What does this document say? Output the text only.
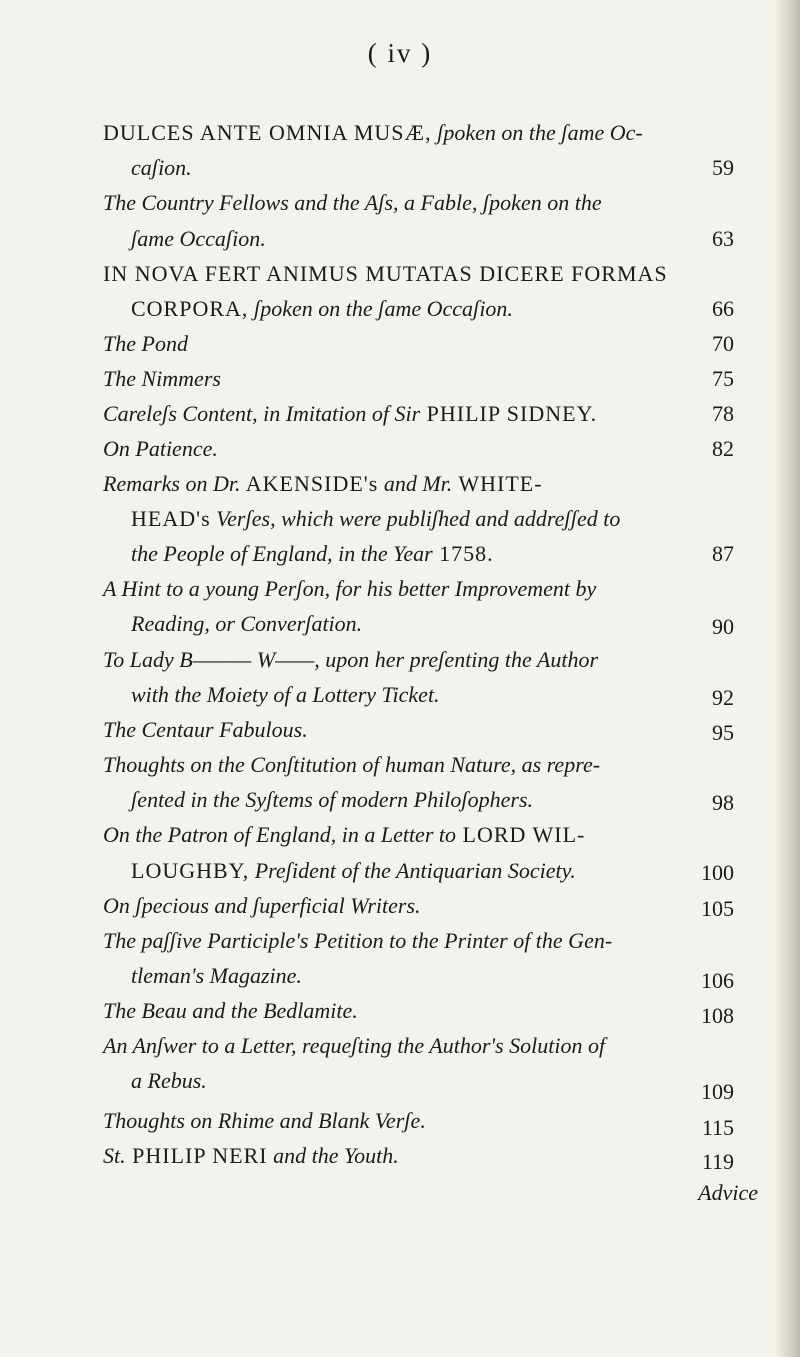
( iv )
DULCES ANTE OMNIA MUSÆ, ʃpoken on the ʃame Oc-
caʃion.	59
The Country Fellows and the Aʃs, a Fable, ʃpoken on the
ʃame Occaʃion.	63
IN NOVA FERT ANIMUS MUTATAS DICERE FORMAS
CORPORA, ʃpoken on the ʃame Occaʃion.	66
The Pond	70
The Nimmers	75
Careleʃs Content, in Imitation of Sir PHILIP SIDNEY.	78
On Patience.	82
Remarks on Dr. AKENSIDE's and Mr. WHITE-
HEAD's Verʃes, which were publiʃhed and addreʃʃed to
the People of England, in the Year 1758.	87
A Hint to a young Perʃon, for his better Improvement by
Reading, or Converʃation.	90
To Lady B——— W——, upon her preʃenting the Author
with the Moiety of a Lottery Ticket.	92
The Centaur Fabulous.	95
Thoughts on the Conʃtitution of human Nature, as repre-
ʃented in the Syʃtems of modern Philoʃophers.	98
On the Patron of England, in a Letter to LORD WIL-
LOUGHBY, Preʃident of the Antiquarian Society.	100
On ʃpecious and ʃuperficial Writers.	105
The paʃʃive Participle's Petition to the Printer of the Gen-
tleman's Magazine.	106
The Beau and the Bedlamite.	108
An Anʃwer to a Letter, requeʃting the Author's Solution of
a Rebus.	109
Thoughts on Rhime and Blank Verʃe.	115
St. PHILIP NERI and the Youth.	119
Advice
